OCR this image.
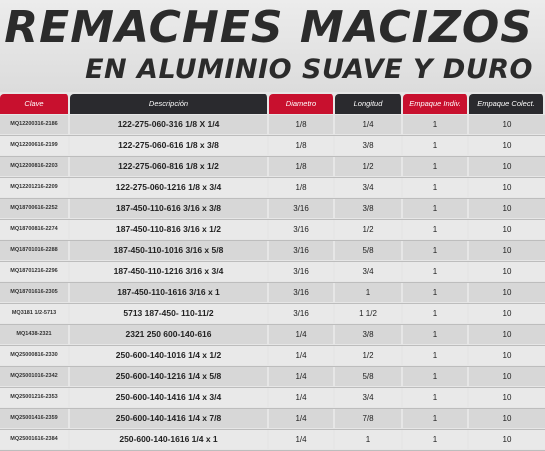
REMACHES MACIZOS
EN ALUMINIO SUAVE Y DURO
Clave	Descripción	Diametro	Longitud	Empaque Indiv.	Empaque Colect.
MQ12200316-2186	122-275-060-316 1/8 X 1/4	1/8	1/4	1	10
MQ12200616-2199	122-275-060-616 1/8 x 3/8	1/8	3/8	1	10
MQ12200816-2203	122-275-060-816 1/8 x 1/2	1/8	1/2	1	10
MQ12201216-2209	122-275-060-1216 1/8 x 3/4	1/8	3/4	1	10
MQ18700616-2252	187-450-110-616 3/16 x 3/8	3/16	3/8	1	10
MQ18700816-2274	187-450-110-816 3/16 x 1/2	3/16	1/2	1	10
MQ18701016-2288	187-450-110-1016 3/16 x 5/8	3/16	5/8	1	10
MQ18701216-2296	187-450-110-1216 3/16 x 3/4	3/16	3/4	1	10
MQ18701616-2305	187-450-110-1616 3/16 x 1	3/16	1	1	10
MQ3181 1/2-5713	5713 187-450- 110-11/2	3/16	1 1/2	1	10
MQ1438-2321	2321 250 600-140-616	1/4	3/8	1	10
MQ25000816-2330	250-600-140-1016 1/4 x 1/2	1/4	1/2	1	10
MQ25001016-2342	250-600-140-1216 1/4 x 5/8	1/4	5/8	1	10
MQ25001216-2353	250-600-140-1416 1/4 x 3/4	1/4	3/4	1	10
MQ25001416-2359	250-600-140-1416 1/4 x 7/8	1/4	7/8	1	10
MQ25001616-2384	250-600-140-1616 1/4 x 1	1/4	1	1	10
